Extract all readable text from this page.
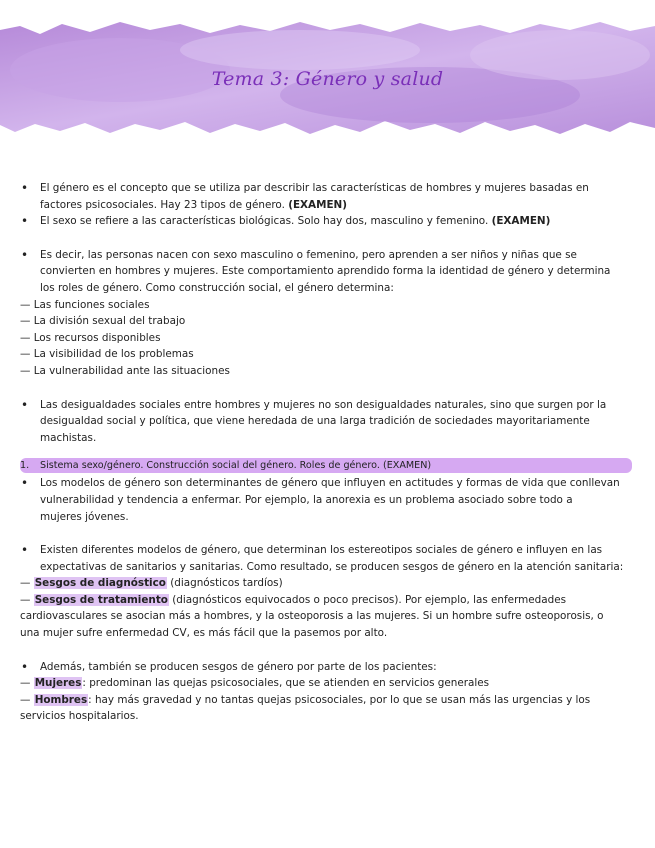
Tema 3: Género y salud
• El género es el concepto que se utiliza par describir las características de hombres y mujeres basadas en
factores psicosociales. Hay 23 tipos de género. (EXAMEN)
• El sexo se refiere a las características biológicas. Solo hay dos, masculino y femenino. (EXAMEN)
• Es decir, las personas nacen con sexo masculino o femenino, pero aprenden a ser niños y niñas que se
convierten en hombres y mujeres. Este comportamiento aprendido forma la identidad de género y determina
los roles de género. Como construcción social, el género determina:
— Las funciones sociales
— La división sexual del trabajo
— Los recursos disponibles
— La visibilidad de los problemas
— La vulnerabilidad ante las situaciones
• Las desigualdades sociales entre hombres y mujeres no son desigualdades naturales, sino que surgen por la
desigualdad social y política, que viene heredada de una larga tradición de sociedades mayoritariamente
machistas.
1. Sistema sexo/género. Construcción social del género. Roles de género. (EXAMEN)
• Los modelos de género son determinantes de género que influyen en actitudes y formas de vida que conllevan
vulnerabilidad y tendencia a enfermar. Por ejemplo, la anorexia es un problema asociado sobre todo a
mujeres jóvenes.
• Existen diferentes modelos de género, que determinan los estereotipos sociales de género e influyen en las
expectativas de sanitarios y sanitarias. Como resultado, se producen sesgos de género en la atención sanitaria:
— Sesgos de diagnóstico (diagnósticos tardíos)
— Sesgos de tratamiento (diagnósticos equivocados o poco precisos). Por ejemplo, las enfermedades
cardiovasculares se asocian más a hombres, y la osteoporosis a las mujeres. Si un hombre sufre osteoporosis, o
una mujer sufre enfermedad CV, es más fácil que la pasemos por alto.
• Además, también se producen sesgos de género por parte de los pacientes:
— Mujeres: predominan las quejas psicosociales, que se atienden en servicios generales
— Hombres: hay más gravedad y no tantas quejas psicosociales, por lo que se usan más las urgencias y los
servicios hospitalarios.
